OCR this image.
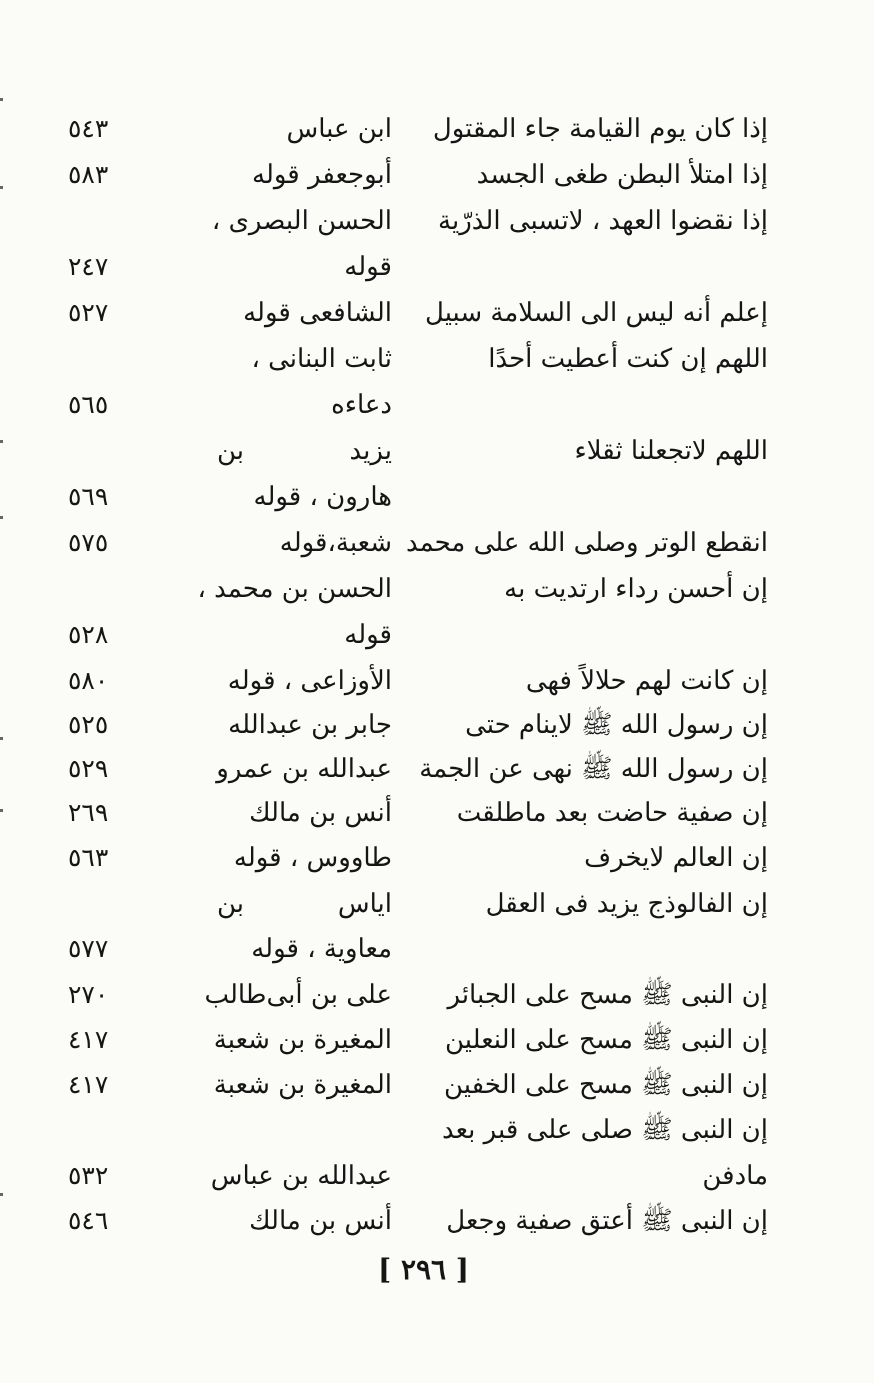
إذا كان يوم القيامة جاء المقتول
ابن عباس
٥٤٣
إذا امتلأ البطن طغى الجسد
أبوجعفر قوله
٥٨٣
إذا نقضوا العهد ، لاتسبى الذرّية
الحسن البصرى ،
قوله
٢٤٧
إعلم أنه ليس الى السلامة سبيل
الشافعى قوله
٥٢٧
اللهم إن كنت أعطيت أحدًا
ثابت البنانى ،
دعاءه
٥٦٥
اللهم لاتجعلنا ثقلاء
يزيد بن
هارون ، قوله
٥٦٩
انقطع الوتر وصلى الله على محمد
شعبة،قوله
٥٧٥
إن أحسن رداء ارتديت به
الحسن بن محمد ،
قوله
٥٢٨
إن كانت لهم حلالاً فهى
الأوزاعى ، قوله
٥٨٠
إن رسول الله ﷺ لاينام حتى
جابر بن عبدالله
٥٢٥
إن رسول الله ﷺ نهى عن الجمة
عبدالله بن عمرو
٥٢٩
إن صفية حاضت بعد ماطلقت
أنس بن مالك
٢٦٩
إن العالم لايخرف
طاووس ، قوله
٥٦٣
إن الفالوذج يزيد فى العقل
اياس بن
معاوية ، قوله
٥٧٧
إن النبى ﷺ مسح على الجبائر
على بن أبى‌طالب
٢٧٠
إن النبى ﷺ مسح على النعلين
المغيرة بن شعبة
٤١٧
إن النبى ﷺ مسح على الخفين
المغيرة بن شعبة
٤١٧
إن النبى ﷺ صلى على قبر بعد
مادفن
عبدالله بن عباس
٥٣٢
إن النبى ﷺ أعتق صفية وجعل
أنس بن مالك
٥٤٦
[ ٢٩٦ ]
